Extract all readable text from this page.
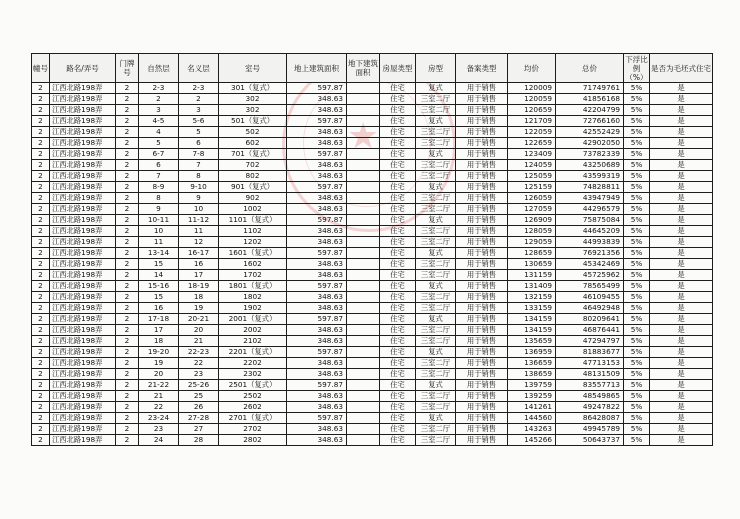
★
幢号	路名/弄号	门牌号	自然层	名义层	室号	地上建筑面积	地下建筑面积	房屋类型	房型	备案类型	均价	总价	下浮比例（%）	是否为毛坯式住宅
2	江西北路198弄	2	2-3	2-3	301（复式）	597.87		住宅	复式	用于销售	120009	71749761	5%	是
2	江西北路198弄	2	2	2	302	348.63		住宅	三室二厅	用于销售	120059	41856168	5%	是
2	江西北路198弄	2	3	3	302	348.63		住宅	三室二厅	用于销售	120659	42204799	5%	是
2	江西北路198弄	2	4-5	5-6	501（复式）	597.87		住宅	复式	用于销售	121709	72766160	5%	是
2	江西北路198弄	2	4	5	502	348.63		住宅	三室二厅	用于销售	122059	42552429	5%	是
2	江西北路198弄	2	5	6	602	348.63		住宅	三室二厅	用于销售	122659	42902050	5%	是
2	江西北路198弄	2	6-7	7-8	701（复式）	597.87		住宅	复式	用于销售	123409	73782339	5%	是
2	江西北路198弄	2	6	7	702	348.63		住宅	三室二厅	用于销售	124059	43250689	5%	是
2	江西北路198弄	2	7	8	802	348.63		住宅	三室二厅	用于销售	125059	43599319	5%	是
2	江西北路198弄	2	8-9	9-10	901（复式）	597.87		住宅	复式	用于销售	125159	74828811	5%	是
2	江西北路198弄	2	8	9	902	348.63		住宅	三室二厅	用于销售	126059	43947949	5%	是
2	江西北路198弄	2	9	10	1002	348.63		住宅	三室二厅	用于销售	127059	44296579	5%	是
2	江西北路198弄	2	10-11	11-12	1101（复式）	597.87		住宅	复式	用于销售	126909	75875084	5%	是
2	江西北路198弄	2	10	11	1102	348.63		住宅	三室二厅	用于销售	128059	44645209	5%	是
2	江西北路198弄	2	11	12	1202	348.63		住宅	三室二厅	用于销售	129059	44993839	5%	是
2	江西北路198弄	2	13-14	16-17	1601（复式）	597.87		住宅	复式	用于销售	128659	76921356	5%	是
2	江西北路198弄	2	15	16	1602	348.63		住宅	三室二厅	用于销售	130659	45342469	5%	是
2	江西北路198弄	2	14	17	1702	348.63		住宅	三室二厅	用于销售	131159	45725962	5%	是
2	江西北路198弄	2	15-16	18-19	1801（复式）	597.87		住宅	复式	用于销售	131409	78565499	5%	是
2	江西北路198弄	2	15	18	1802	348.63		住宅	三室二厅	用于销售	132159	46109455	5%	是
2	江西北路198弄	2	16	19	1902	348.63		住宅	三室二厅	用于销售	133159	46492948	5%	是
2	江西北路198弄	2	17-18	20-21	2001（复式）	597.87		住宅	复式	用于销售	134159	80209641	5%	是
2	江西北路198弄	2	17	20	2002	348.63		住宅	三室二厅	用于销售	134159	46876441	5%	是
2	江西北路198弄	2	18	21	2102	348.63		住宅	三室二厅	用于销售	135659	47294797	5%	是
2	江西北路198弄	2	19-20	22-23	2201（复式）	597.87		住宅	复式	用于销售	136959	81883677	5%	是
2	江西北路198弄	2	19	22	2202	348.63		住宅	三室二厅	用于销售	136659	47713153	5%	是
2	江西北路198弄	2	20	23	2302	348.63		住宅	三室二厅	用于销售	138659	48131509	5%	是
2	江西北路198弄	2	21-22	25-26	2501（复式）	597.87		住宅	复式	用于销售	139759	83557713	5%	是
2	江西北路198弄	2	21	25	2502	348.63		住宅	三室二厅	用于销售	139259	48549865	5%	是
2	江西北路198弄	2	22	26	2602	348.63		住宅	三室二厅	用于销售	141261	49247822	5%	是
2	江西北路198弄	2	23-24	27-28	2701（复式）	597.87		住宅	复式	用于销售	144560	86428087	5%	是
2	江西北路198弄	2	23	27	2702	348.63		住宅	三室二厅	用于销售	143263	49945789	5%	是
2	江西北路198弄	2	24	28	2802	348.63		住宅	三室二厅	用于销售	145266	50643737	5%	是
